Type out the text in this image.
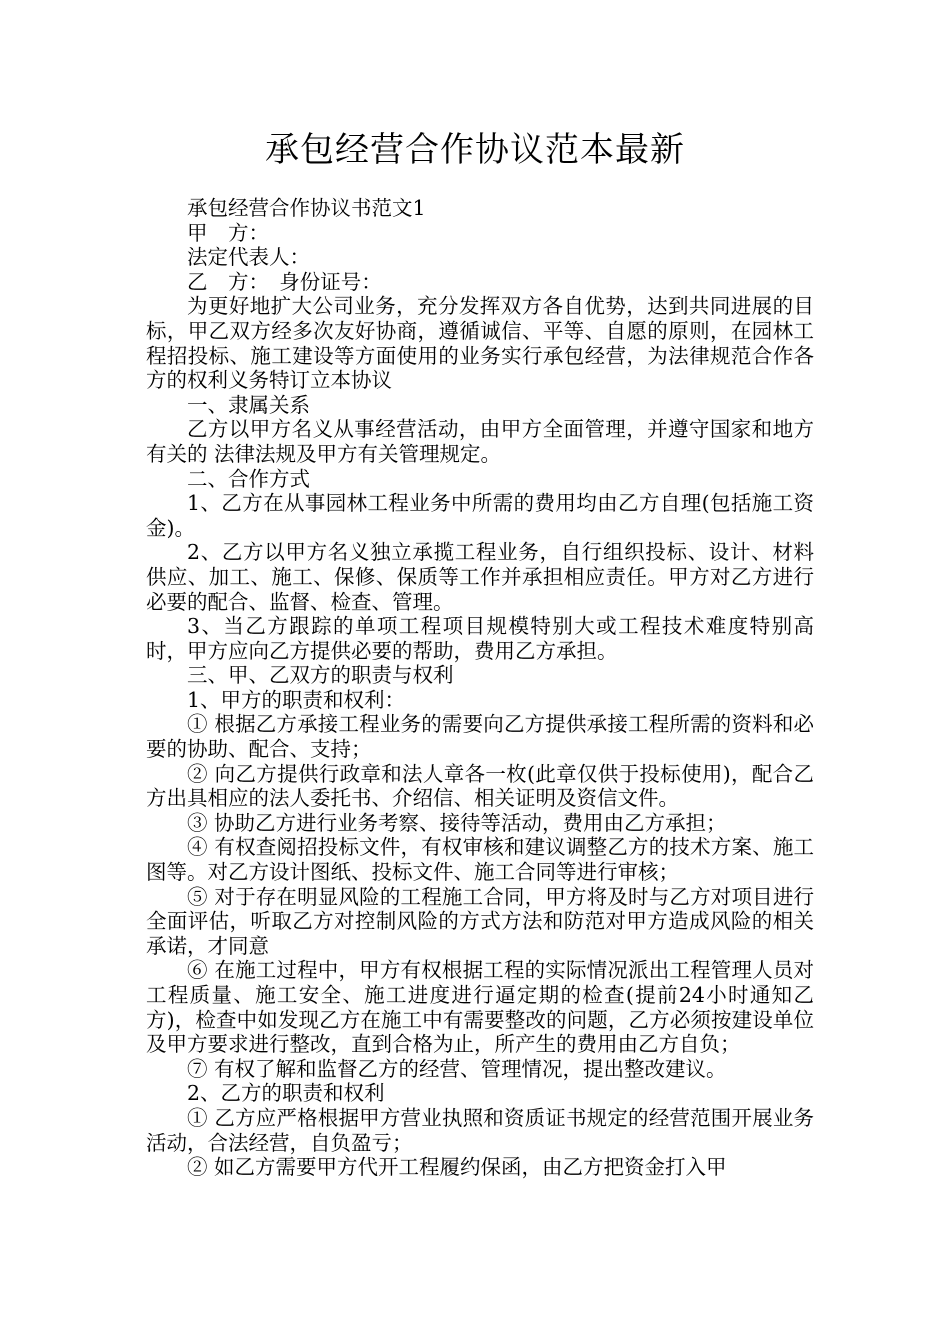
承包经营合作协议范本最新

承包经营合作协议书范文1

甲　方：

法定代表人：

乙　方：　身份证号：

为更好地扩大公司业务，充分发挥双方各自优势，达到共同进展的目标，甲乙双方经多次友好协商，遵循诚信、平等、自愿的原则，在园林工程招投标、施工建设等方面使用的业务实行承包经营，为法律规范合作各方的权利义务特订立本协议

一、隶属关系

乙方以甲方名义从事经营活动，由甲方全面管理，并遵守国家和地方有关的 法律法规及甲方有关管理规定。

二、合作方式

1、乙方在从事园林工程业务中所需的费用均由乙方自理(包括施工资金)。

2、乙方以甲方名义独立承揽工程业务，自行组织投标、设计、材料供应、加工、施工、保修、保质等工作并承担相应责任。甲方对乙方进行必要的配合、监督、检查、管理。

3、当乙方跟踪的单项工程项目规模特别大或工程技术难度特别高时，甲方应向乙方提供必要的帮助，费用乙方承担。

三、甲、乙双方的职责与权利

1、甲方的职责和权利：

① 根据乙方承接工程业务的需要向乙方提供承接工程所需的资料和必要的协助、配合、支持；

② 向乙方提供行政章和法人章各一枚(此章仅供于投标使用)，配合乙方出具相应的法人委托书、介绍信、相关证明及资信文件。

③ 协助乙方进行业务考察、接待等活动，费用由乙方承担；

④ 有权查阅招投标文件，有权审核和建议调整乙方的技术方案、施工图等。对乙方设计图纸、投标文件、施工合同等进行审核；

⑤ 对于存在明显风险的工程施工合同，甲方将及时与乙方对项目进行全面评估，听取乙方对控制风险的方式方法和防范对甲方造成风险的相关承诺，才同意

⑥ 在施工过程中，甲方有权根据工程的实际情况派出工程管理人员对工程质量、施工安全、施工进度进行逼定期的检查(提前24小时通知乙方)，检查中如发现乙方在施工中有需要整改的问题，乙方必须按建设单位及甲方要求进行整改，直到合格为止，所产生的费用由乙方自负；

⑦ 有权了解和监督乙方的经营、管理情况，提出整改建议。

2、乙方的职责和权利

① 乙方应严格根据甲方营业执照和资质证书规定的经营范围开展业务活动，合法经营，自负盈亏；

② 如乙方需要甲方代开工程履约保函，由乙方把资金打入甲
